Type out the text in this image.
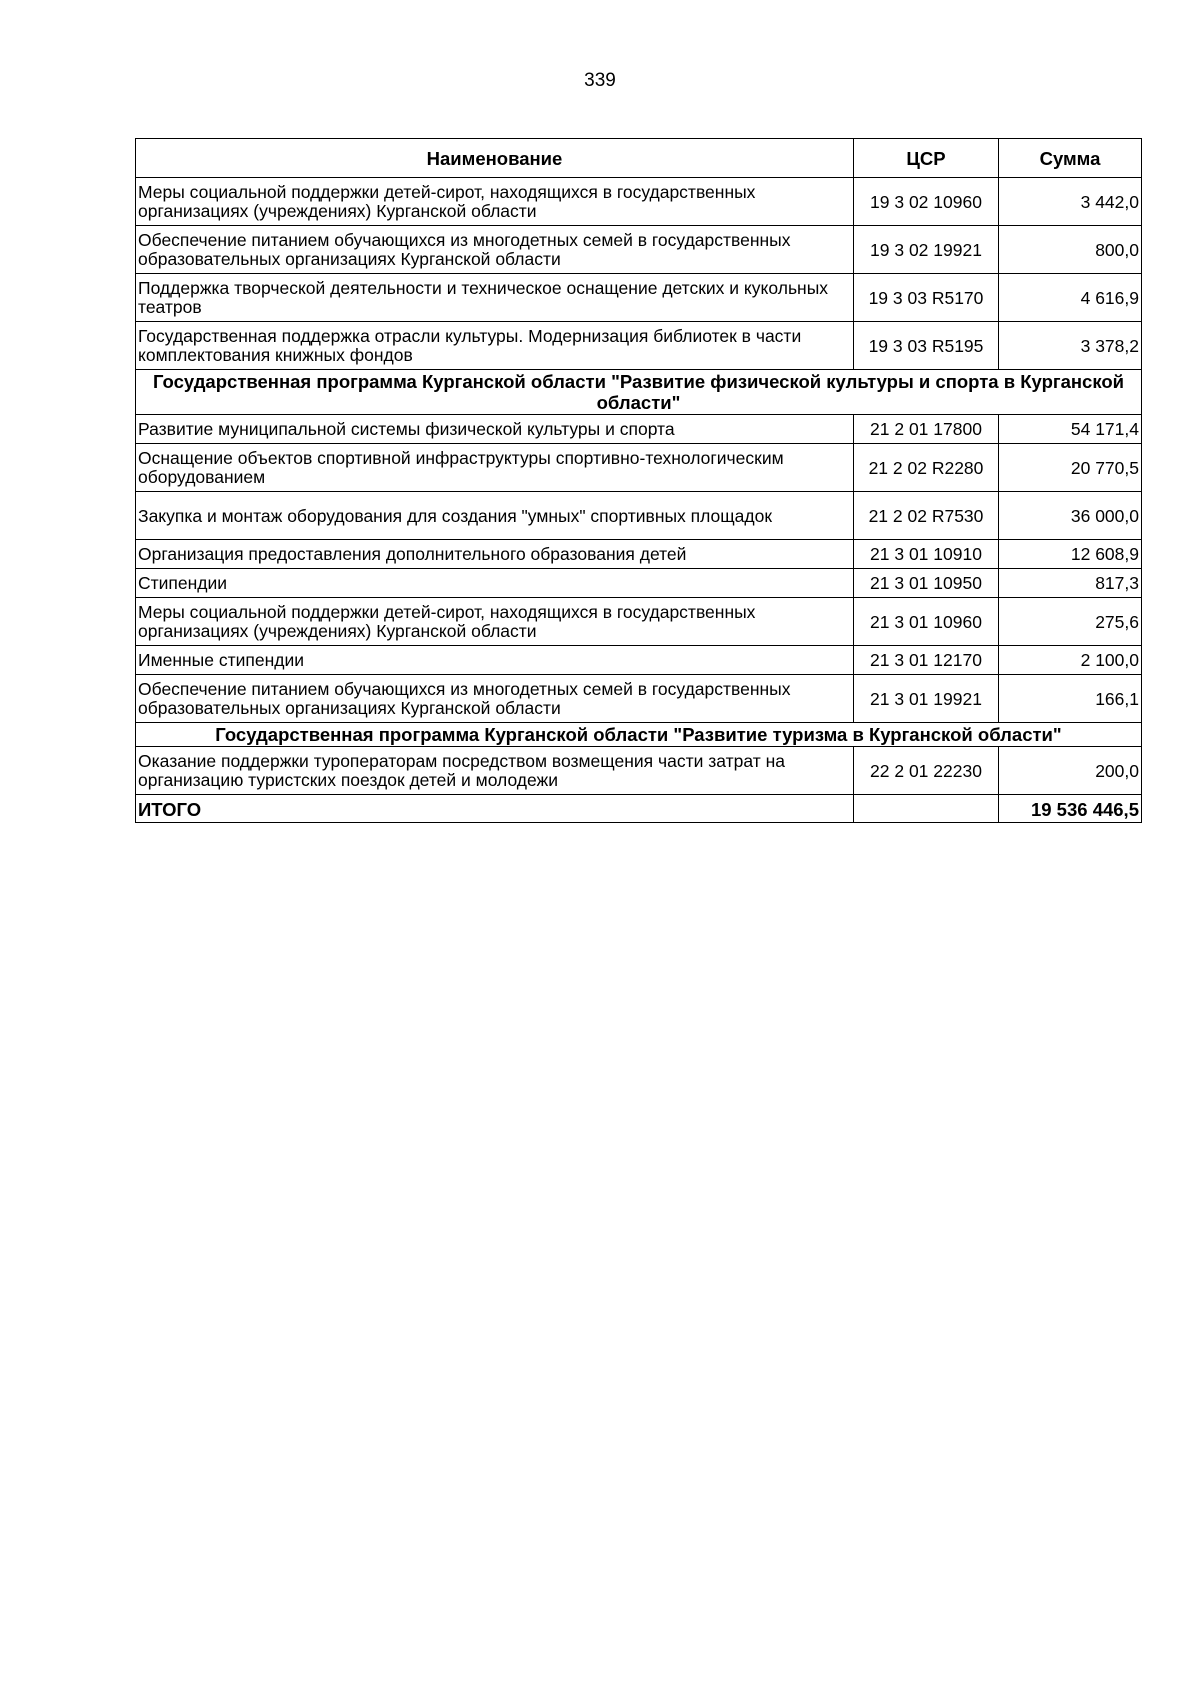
339
Наименование	ЦСР	Сумма
Меры социальной поддержки детей-сирот, находящихся в государственных организациях (учреждениях) Курганской области	19 3 02 10960	3 442,0
Обеспечение питанием обучающихся из многодетных семей в государственных образовательных организациях Курганской области	19 3 02 19921	800,0
Поддержка творческой деятельности и техническое оснащение детских и кукольных театров	19 3 03 R5170	4 616,9
Государственная поддержка отрасли культуры. Модернизация библиотек в части комплектования книжных фондов	19 3 03 R5195	3 378,2
Государственная программа Курганской области "Развитие физической культуры и спорта в Курганской области"		
Развитие муниципальной системы физической культуры и спорта	21 2 01 17800	54 171,4
Оснащение объектов спортивной инфраструктуры спортивно-технологическим оборудованием	21 2 02 R2280	20 770,5
Закупка и монтаж оборудования для создания "умных" спортивных площадок	21 2 02 R7530	36 000,0
Организация предоставления дополнительного образования детей	21 3 01 10910	12 608,9
Стипендии	21 3 01 10950	817,3
Меры социальной поддержки детей-сирот, находящихся в государственных организациях (учреждениях) Курганской области	21 3 01 10960	275,6
Именные стипендии	21 3 01 12170	2 100,0
Обеспечение питанием обучающихся из многодетных семей в государственных образовательных организациях Курганской области	21 3 01 19921	166,1
Государственная программа Курганской области "Развитие туризма в Курганской области"		
Оказание поддержки туроператорам посредством возмещения части затрат на организацию туристских поездок детей и молодежи	22 2 01 22230	200,0
ИТОГО		19 536 446,5
